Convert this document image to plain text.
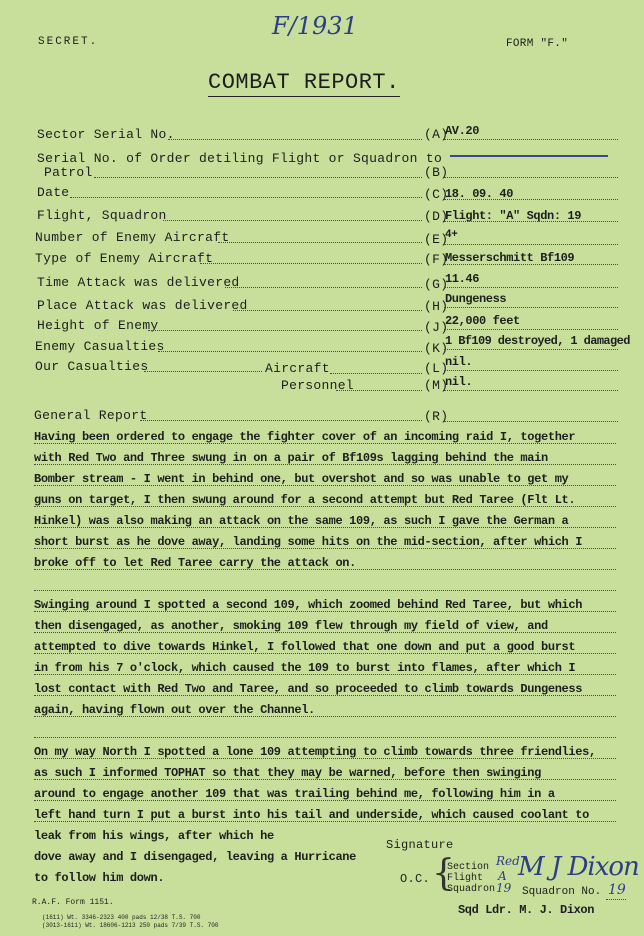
F/1931
SECRET.	FORM "F."
COMBAT REPORT.
Sector Serial No.	(A)
AV.20
Serial No. of Order detiling Flight or Squadron to
Patrol	(B)
Date	(C)
18. 09. 40
Flight, Squadron	(D)
Flight: "A" Sqdn: 19
Number of Enemy Aircraft	(E)
4+
Type of Enemy Aircraft	(F)
Messerschmitt Bf109
Time Attack was delivered	(G)
11.46
Place Attack was delivered	(H)
Dungeness
Height of Enemy	(J)
22,000 feet
Enemy Casualties	(K)
1 Bf109 destroyed, 1 damaged
Our Casualties	Aircraft	(L)
nil.
Personnel	(M)
nil.
General Report	(R)
Having been ordered to engage the fighter cover of an incoming raid I, together
with Red Two and Three swung in on a pair of Bf109s lagging behind the main
Bomber stream - I went in behind one, but overshot and so was unable to get my
guns on target, I then swung around for a second attempt but Red Taree (Flt Lt.
Hinkel) was also making an attack on the same 109, as such I gave the German a
short burst as he dove away, landing some hits on the mid-section, after which I
broke off to let Red Taree carry the attack on.
Swinging around I spotted a second 109, which zoomed behind Red Taree, but which
then disengaged, as another, smoking 109 flew through my field of view, and
attempted to dive towards Hinkel, I followed that one down and put a good burst
in from his 7 o'clock, which caused the 109 to burst into flames, after which I
lost contact with Red Two and Taree, and so proceeded to climb towards Dungeness
again, having flown out over the Channel.
On my way North I spotted a lone 109 attempting to climb towards three friendlies,
as such I informed TOPHAT so that they may be warned, before then swinging
around to engage another 109 that was trailing behind me, following him in a
left hand turn I put a burst into his tail and underside, which caused coolant to
leak from his wings, after which he
dove away and I disengaged, leaving a Hurricane
to follow him down.
Signature
O.C. {
Section
Flight
Squadron
Red
A
19
M J Dixon
Squadron No. 19
Sqd Ldr. M. J. Dixon
R.A.F. Form 1151.
(1611) Wt. 3346-2323 400 pads 12/38 T.S. 700
(3013-1611) Wt. 18606-1213 250 pads 7/39 T.S. 700
